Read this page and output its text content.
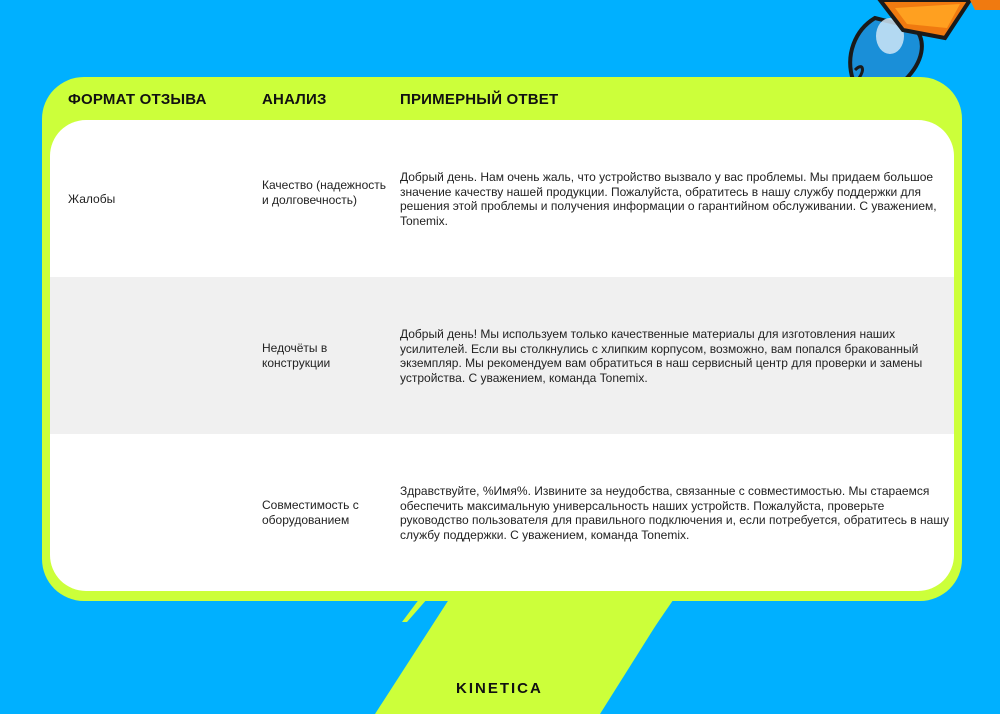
ФОРМАТ ОТЗЫВА	АНАЛИЗ	ПРИМЕРНЫЙ ОТВЕТ
Жалобы
Качество (надежность и долговечность)
Добрый день. Нам очень жаль, что устройство вызвало у вас проблемы. Мы придаем большое значение качеству нашей продукции. Пожалуйста, обратитесь в нашу службу поддержки для решения этой проблемы и получения информации о гарантийном обслуживании. С уважением, Tonemix.
Недочёты в конструкции
Добрый день! Мы используем только качественные материалы для изготовления наших усилителей. Если вы столкнулись с хлипким корпусом, возможно, вам попался бракованный экземпляр. Мы рекомендуем вам обратиться в наш сервисный центр для проверки и замены устройства. С уважением, команда Tonemix.
Совместимость с оборудованием
Здравствуйте, %Имя%. Извините за неудобства, связанные с совместимостью. Мы стараемся обеспечить максимальную универсальность наших устройств. Пожалуйста, проверьте руководство пользователя для правильного подключения и, если потребуется, обратитесь в нашу службу поддержки. С уважением, команда Tonemix.
KINETICA
